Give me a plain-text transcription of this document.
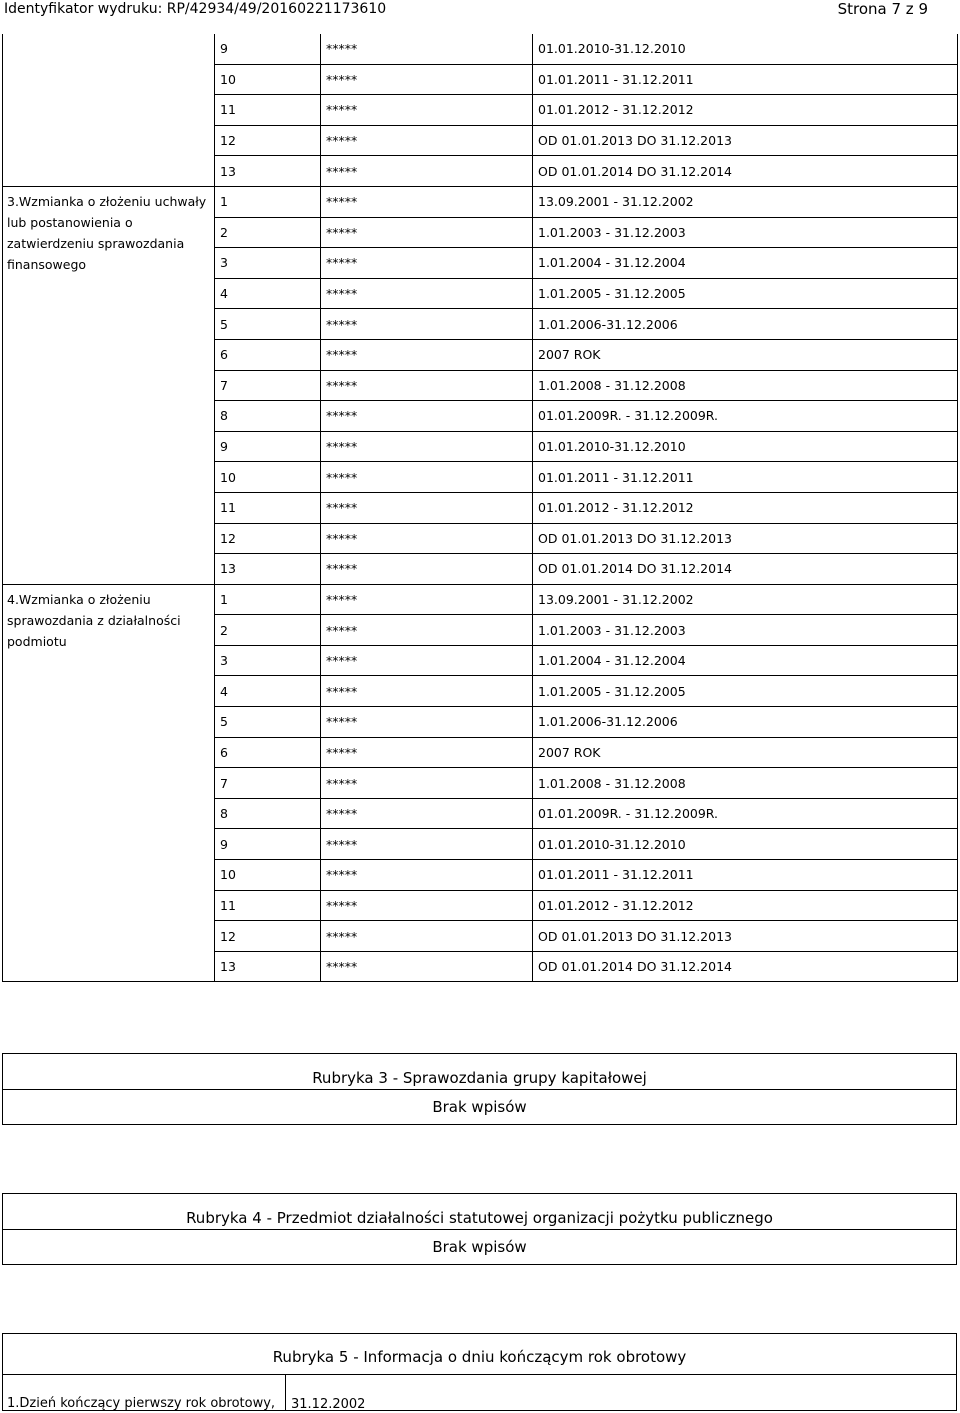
Identyfikator wydruku: RP/42934/49/20160221173610	Strona 7 z 9
	9	*****	01.01.2010-31.12.2010
	10	*****	01.01.2011 - 31.12.2011
	11	*****	01.01.2012 - 31.12.2012
	12	*****	OD 01.01.2013 DO 31.12.2013
	13	*****	OD 01.01.2014 DO 31.12.2014
3.Wzmianka o złożeniu uchwały lub postanowienia o zatwierdzeniu sprawozdania finansowego	1	*****	13.09.2001 - 31.12.2002
	2	*****	1.01.2003 - 31.12.2003
	3	*****	1.01.2004 - 31.12.2004
	4	*****	1.01.2005 - 31.12.2005
	5	*****	1.01.2006-31.12.2006
	6	*****	2007 ROK
	7	*****	1.01.2008 - 31.12.2008
	8	*****	01.01.2009R. - 31.12.2009R.
	9	*****	01.01.2010-31.12.2010
	10	*****	01.01.2011 - 31.12.2011
	11	*****	01.01.2012 - 31.12.2012
	12	*****	OD 01.01.2013 DO 31.12.2013
	13	*****	OD 01.01.2014 DO 31.12.2014
4.Wzmianka o złożeniu sprawozdania z działalności podmiotu	1	*****	13.09.2001 - 31.12.2002
	2	*****	1.01.2003 - 31.12.2003
	3	*****	1.01.2004 - 31.12.2004
	4	*****	1.01.2005 - 31.12.2005
	5	*****	1.01.2006-31.12.2006
	6	*****	2007 ROK
	7	*****	1.01.2008 - 31.12.2008
	8	*****	01.01.2009R. - 31.12.2009R.
	9	*****	01.01.2010-31.12.2010
	10	*****	01.01.2011 - 31.12.2011
	11	*****	01.01.2012 - 31.12.2012
	12	*****	OD 01.01.2013 DO 31.12.2013
	13	*****	OD 01.01.2014 DO 31.12.2014
Rubryka 3 - Sprawozdania grupy kapitałowej
Brak wpisów
Rubryka 4 - Przedmiot działalności statutowej organizacji pożytku publicznego
Brak wpisów
Rubryka 5 - Informacja o dniu kończącym rok obrotowy
1.Dzień kończący pierwszy rok obrotowy,	31.12.2002
